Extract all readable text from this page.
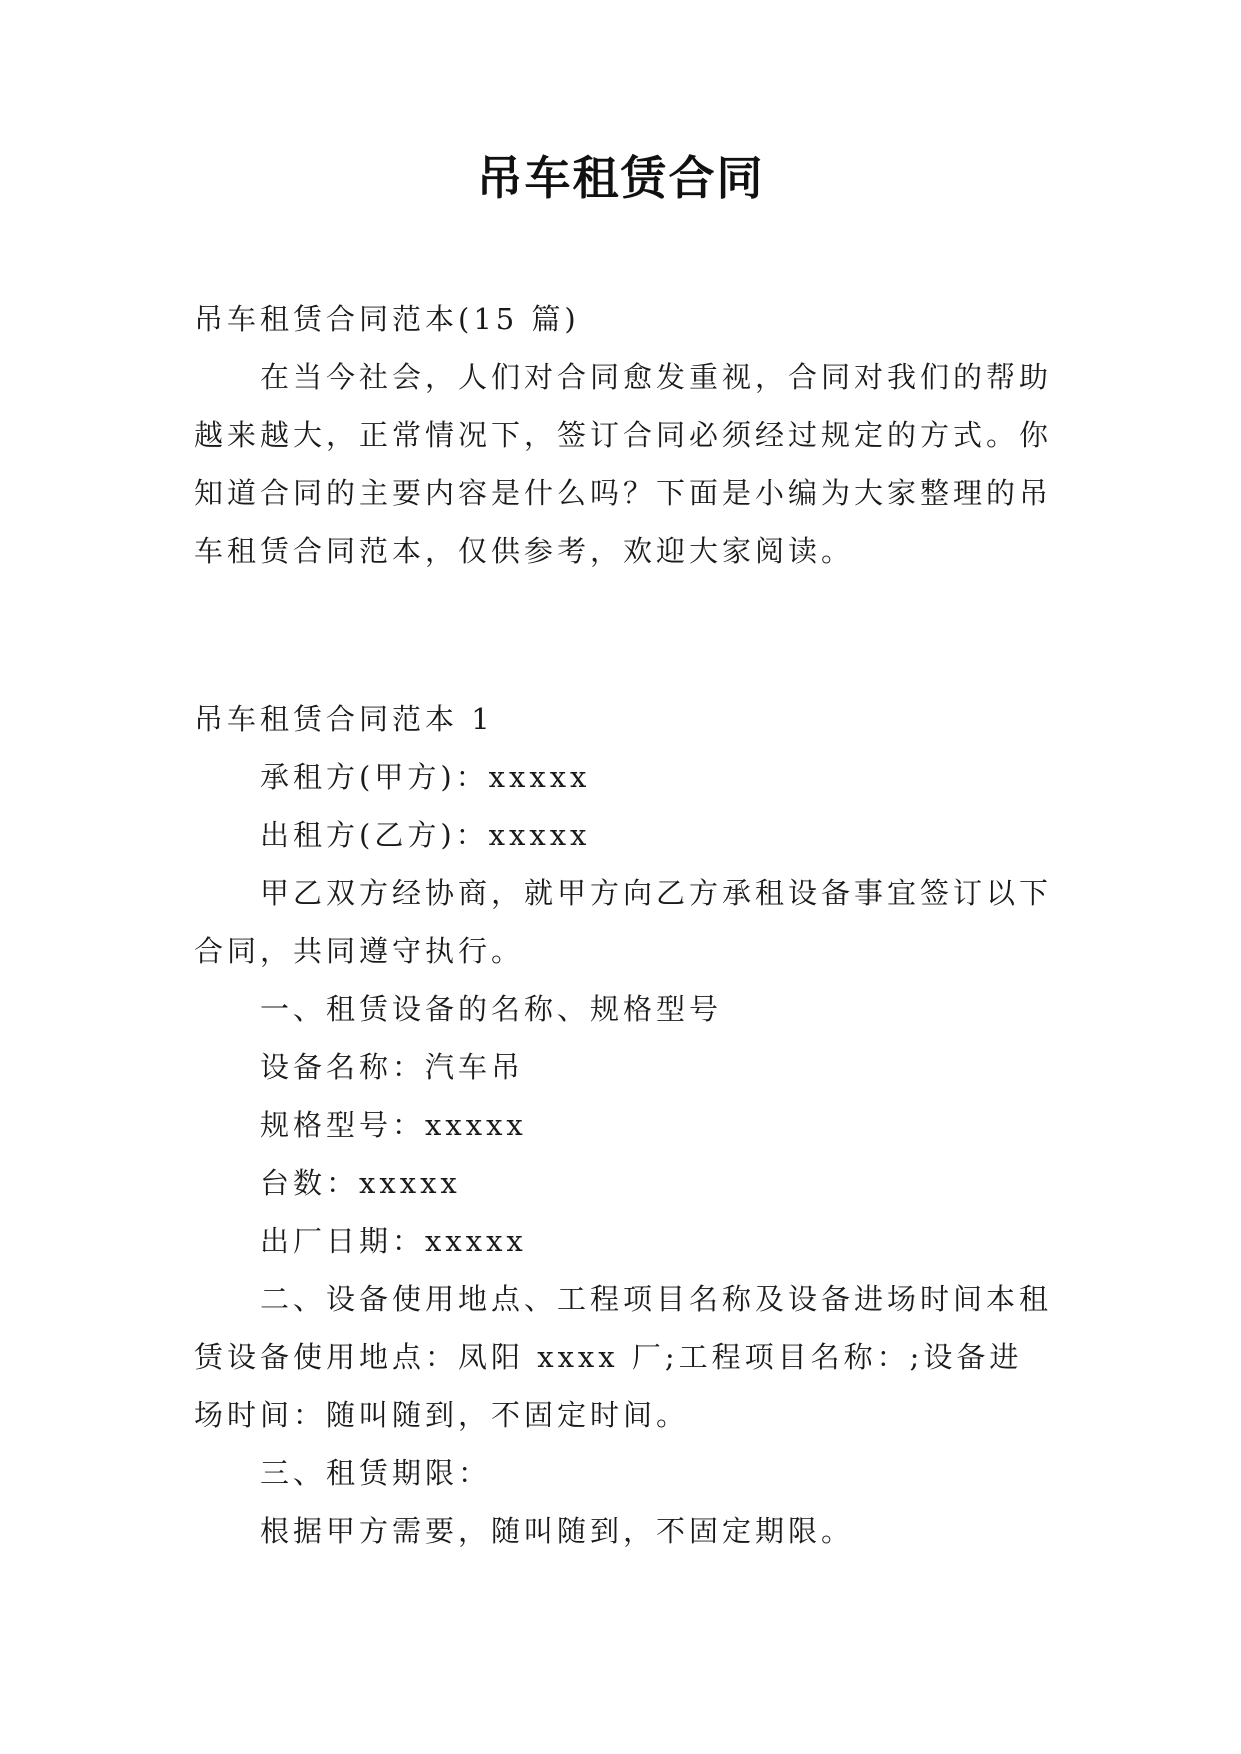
吊车租赁合同

吊车租赁合同范本(15 篇)

在当今社会，人们对合同愈发重视，合同对我们的帮助越来越大，正常情况下，签订合同必须经过规定的方式。你知道合同的主要内容是什么吗？下面是小编为大家整理的吊车租赁合同范本，仅供参考，欢迎大家阅读。

吊车租赁合同范本 1

承租方(甲方)：xxxxx

出租方(乙方)：xxxxx

甲乙双方经协商，就甲方向乙方承租设备事宜签订以下合同，共同遵守执行。

一、租赁设备的名称、规格型号

设备名称：汽车吊

规格型号：xxxxx

台数：xxxxx

出厂日期：xxxxx

二、设备使用地点、工程项目名称及设备进场时间本租赁设备使用地点：凤阳 xxxx 厂;工程项目名称：;设备进场时间：随叫随到，不固定时间。

三、租赁期限：

根据甲方需要，随叫随到，不固定期限。
